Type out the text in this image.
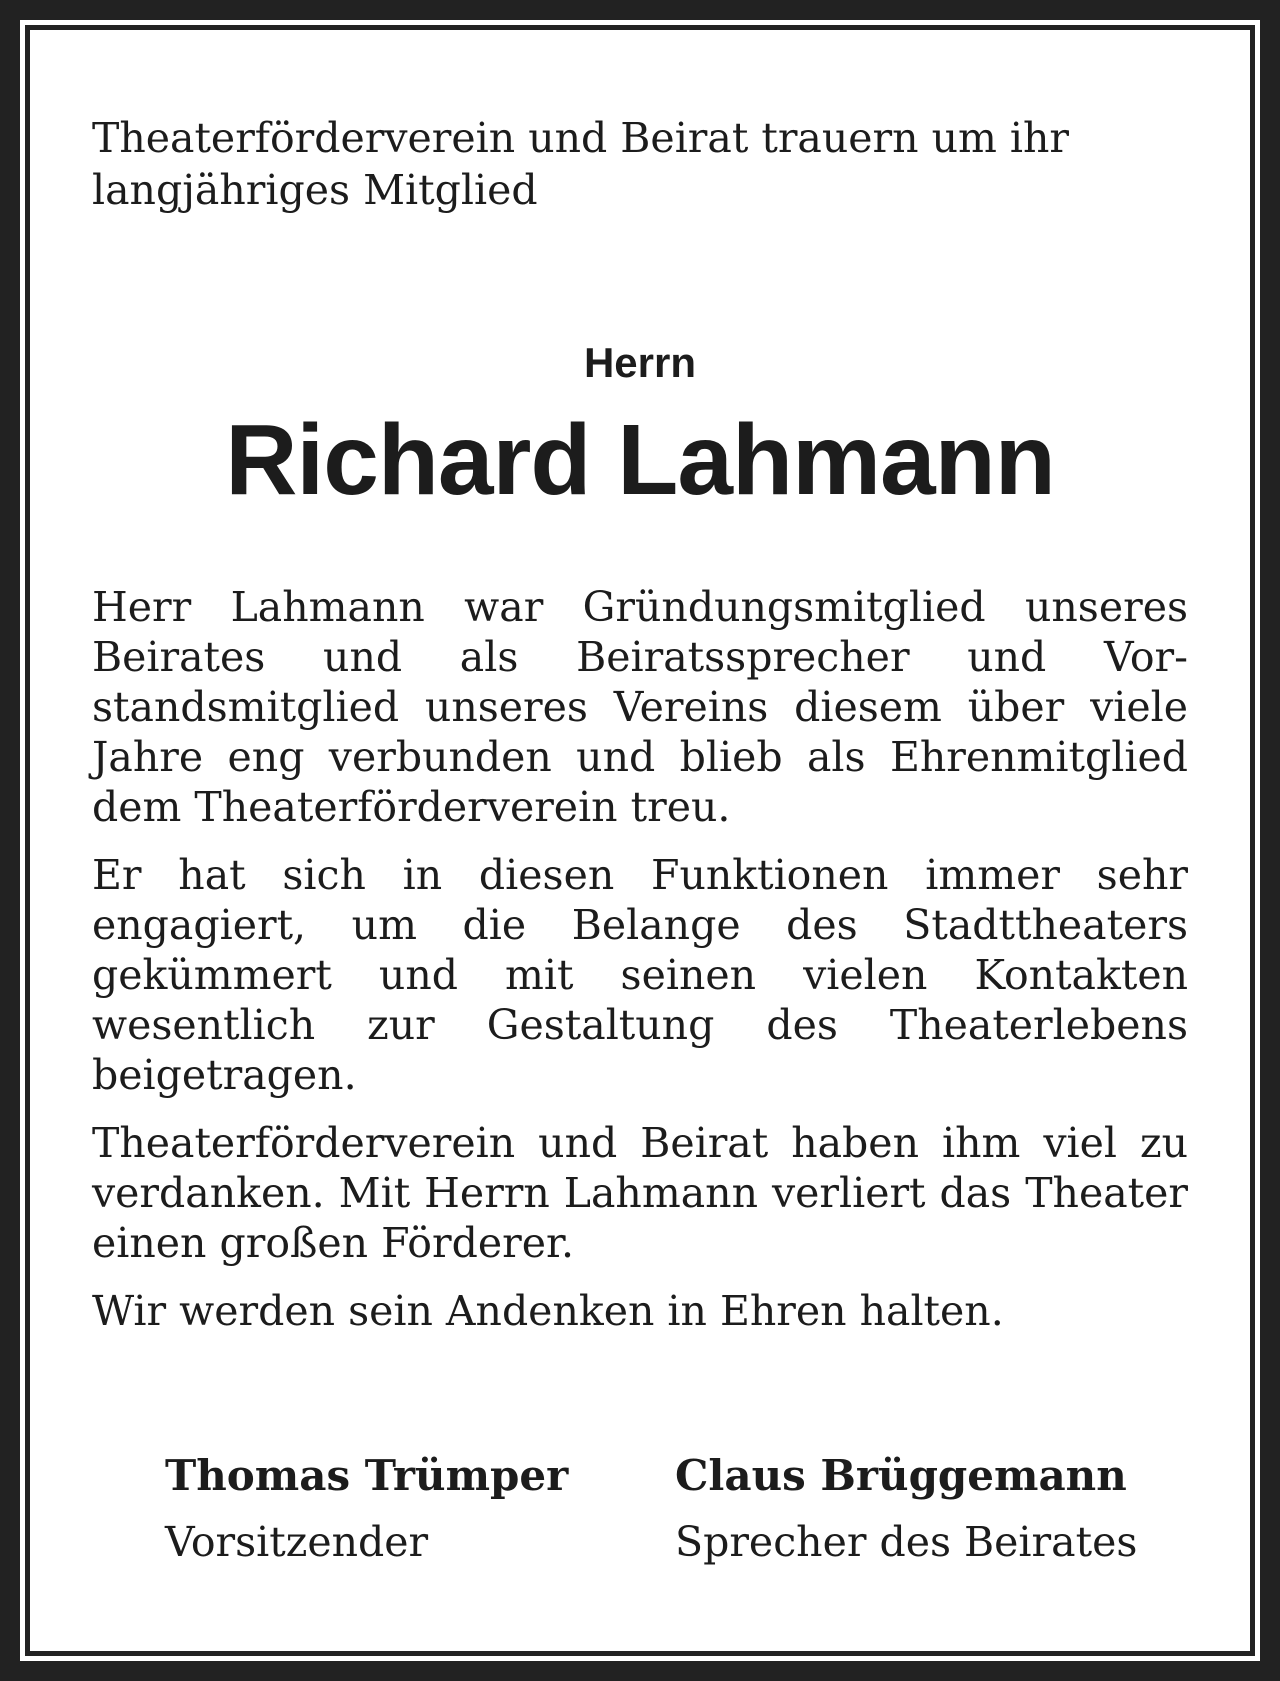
Theaterförderverein und Beirat trauern um ihr langjähriges Mitglied

Herrn
Richard Lahmann

Herr Lahmann war Gründungsmitglied unseres Beirates und als Beiratssprecher und Vorstandsmitglied unseres Vereins diesem über viele Jahre eng verbunden und blieb als Ehrenmitglied dem Theaterförderverein treu.

Er hat sich in diesen Funktionen immer sehr engagiert, um die Belange des Stadttheaters gekümmert und mit seinen vielen Kontakten wesentlich zur Gestaltung des Theaterlebens beigetragen.

Theaterförderverein und Beirat haben ihm viel zu verdanken. Mit Herrn Lahmann verliert das Theater einen großen Förderer.

Wir werden sein Andenken in Ehren halten.

Thomas Trümper
Vorsitzender
Claus Brüggemann
Sprecher des Beirates
